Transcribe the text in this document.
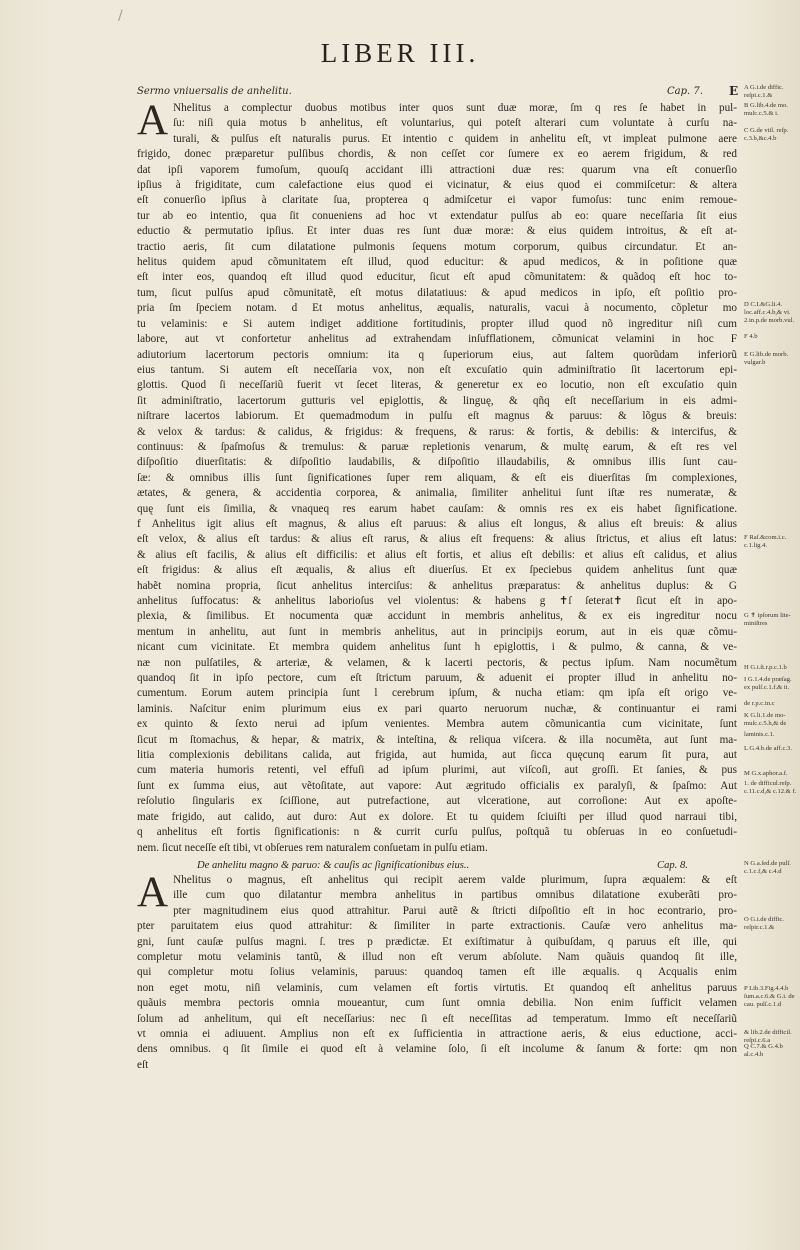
/
LIBER III.
Sermo vniuersalis de anhelitu.	Cap. 7. E
A Nhelitus a complectur duobus motibus inter quos sunt duæ moræ, ſm q res ſe habet in pul-
ſu: niſi quia motus b anhelitus, eſt voluntarius, qui poteſt alterari cum voluntate à curſu na-
turali, & pulſus eſt naturalis purus. Et intentio c quidem in anhelitu eſt, vt impleat pulmone aere
frigido, donec præparetur pulſibus chordis, & non ceſſet cor ſumere ex eo aerem frigidum, & red
dat ipſi vaporem fumoſum, quouſq accidant illi attractioni duæ res: quarum vna eſt conuerſio
ipſius à frigiditate, cum calefactione eius quod ei vicinatur, & eius quod ei commiſcetur: & altera
eſt conuerſio ipſius à claritate ſua, propterea q admiſcetur ei vapor fumoſus: tunc enim remoue-
tur ab eo intentio, qua ſit conueniens ad hoc vt extendatur pulſus ab eo: quare neceſſaria ſit eius
eductio & permutatio ipſius. Et inter duas res ſunt duæ moræ: & eius quidem introitus, & eſt at-
tractio aeris, ſit cum dilatatione pulmonis ſequens motum corporum, quibus circundatur. Et an-
helitus quidem apud cõmunitatem eſt illud, quod educitur: & apud medicos, & in poſitione quæ
eſt inter eos, quandoq eſt illud quod educitur, ſicut eſt apud cõmunitatem: & quãdoq eſt hoc to-
tum, ſicut pulſus apud cõmunitatẽ, eſt motus dilatatiuus: & apud medicos in ipſo, eſt poſitio pro-
pria ſm ſpeciem notam. d Et motus anhelitus, æqualis, naturalis, vacui à nocumento, cõpletur mo
tu velaminis: e Si autem indiget additione fortitudinis, propter illud quod nõ ingreditur niſi cum
labore, aut vt confortetur anhelitus ad extrahendam inſufflationem, cõmunicat velamini in hoc F
adiutorium lacertorum pectoris omnium: ita q ſuperiorum eius, aut ſaltem quorũdam inferiorũ
eius tantum. Si autem eſt neceſſaria vox, non eſt excuſatio quin adminiſtratio ſit lacertorum epi-
glottis. Quod ſi neceſſariũ fuerit vt ſecet literas, & generetur ex eo locutio, non eſt excuſatio quin
ſit adminiſtratio, lacertorum gutturis vel epiglottis, & linguę, & qñq eſt neceſſarium in eis admi-
niſtrare lacertos labiorum. Et quemadmodum in pulſu eſt magnus & paruus: & lõgus & breuis:
& velox & tardus: & calidus, & frigidus: & frequens, & rarus: & fortis, & debilis: & intercifus, &
continuus: & ſpaſmoſus & tremulus: & paruæ repletionis venarum, & multę earum, & eſt res vel
diſpoſitio diuerſitatis: & diſpoſitio laudabilis, & diſpoſitio illaudabilis, & omnibus illis ſunt cau-
ſæ: & omnibus illis ſunt ſignificationes ſuper rem aliquam, & eſt eis diuerſitas ſm complexiones,
ætates, & genera, & accidentia corporea, & animalia, ſimiliter anhelitui ſunt iſtæ res numeratæ, &
quę ſunt eis ſimilia, & vnaqueq res earum habet cauſam: & omnis res ex eis habet ſignificatione.
f Anhelitus igit alius eſt magnus, & alius eſt paruus: & alius eſt longus, & alius eſt breuis: & alius
eſt velox, & alius eſt tardus: & alius eſt rarus, & alius eſt frequens: & alius ſtrictus, et alius eſt latus:
& alius eſt facilis, & alius eſt difficilis: et alius eſt fortis, et alius eſt debilis: et alius eſt calidus, et alius
eſt frigidus: & alius eſt æqualis, & alius eſt diuerſus. Et ex ſpeciebus quidem anhelitus ſunt quæ
habẽt nomina propria, ſicut anhelitus interciſus: & anhelitus præparatus: & anhelitus duplus: & G
anhelitus ſuffocatus: & anhelitus laborioſus vel violentus: & habens g ✝ſ ſeterat✝ ſicut eſt in apo-
plexia, & ſimilibus. Et nocumenta quæ accidunt in membris anhelitus, & ex eis ingreditur nocu
mentum in anhelitu, aut ſunt in membris anhelitus, aut in principijs eorum, aut in eis quæ cõmu-
nicant cum vicinitate. Et membra quidem anhelitus ſunt h epiglottis, i & pulmo, & canna, & ve-
næ non pulſatiles, & arteriæ, & velamen, & k lacerti pectoris, & pectus ipſum. Nam nocumẽtum
quandoq ſit in ipſo pectore, cum eſt ſtrictum paruum, & aduenit ei propter illud in anhelitu no-
cumentum. Eorum autem principia ſunt l cerebrum ipſum, & nucha etiam: qm ipſa eſt origo ve-
laminis. Naſcitur enim plurimum eius ex pari quarto neruorum nuchæ, & continuantur ei rami
ex quinto & ſexto nerui ad ipſum venientes. Membra autem cõmunicantia cum vicinitate, ſunt
ſicut m ſtomachus, & hepar, & matrix, & inteſtina, & reliqua viſcera. & illa nocumẽta, aut ſunt ma-
litia complexionis debilitans calida, aut frigida, aut humida, aut ſicca quęcunq earum ſit pura, aut
cum materia humoris retenti, vel effuſi ad ipſum plurimi, aut viſcoſi, aut groſſi. Et ſanies, & pus
ſunt ex ſumma eius, aut vẽtoſitate, aut vapore: Aut ægritudo officialis ex paralyſi, & ſpaſmo: Aut
reſolutio ſingularis ex ſciſſione, aut putrefactione, aut vlceratione, aut corroſione: Aut ex apoſte-
mate frigido, aut calido, aut duro: Aut ex dolore. Et tu quidem ſciuiſti per illud quod narraui tibi,
q anhelitus eſt fortis ſignificationis: n & currit curſu pulſus, poſtquã tu obſeruas in eo conſuetudi-
nem. ſicut neceſſe eſt tibi, vt obſerues rem naturalem conſuetam in pulſu etiam.
De anhelitu magno & paruo: & cauſis ac ſignificationibus eius..	Cap. 8.
A Nhelitus o magnus, eſt anhelitus qui recipit aerem valde plurimum, ſupra æqualem: & eſt
ille cum quo dilatantur membra anhelitus in partibus omnibus dilatatione exuberãti pro-
pter magnitudinem eius quod attrahitur. Parui autẽ & ſtricti diſpoſitio eſt in hoc econtrario, pro-
pter paruitatem eius quod attrahitur: & ſimiliter in parte extractionis. Cauſæ vero anhelitus ma-
gni, ſunt cauſæ pulſus magni. ſ. tres p prædictæ. Et exiſtimatur à quibuſdam, q paruus eſt ille, qui
completur motu velaminis tantũ, & illud non eſt verum abſolute. Nam quãuis quandoq ſit ille,
qui completur motu ſolius velaminis, paruus: quandoq tamen eſt ille æqualis. q Acqualis enim
non eget motu, niſi velaminis, cum velamen eſt fortis virtutis. Et quandoq eſt anhelitus paruus
quãuis membra pectoris omnia moueantur, cum ſunt omnia debilia. Non enim ſufficit velamen
ſolum ad anhelitum, qui eſt neceſſarius: nec ſi eſt neceſſitas ad temperatum. Immo eſt neceſſariũ
vt omnia ei adiuuent. Amplius non eſt ex ſufficientia in attractione aeris, & eius eductione, acci-
dens omnibus. q ſit ſimile ei quod eſt à velamine ſolo, ſi eſt incolume & ſanum & forte: qm non
eſt
A G.i.de diffic. reſpi.c.1.&
B G.lib.4.de mo. muſc.c.5.& i.
C G.de vtil. reſp. c.3.b,&c.4.b
D C.I.&G.li.4. loc.aff.c.4.b,& vi. 2.in.p.de morb.vul.
F 4.b
E G.lib.de morb. vulgar.b
F Raſ.&com.i.c. c.1.lig.4.
G ✝ ipſorum lite- miniſtres
H G.i.ſt.r.p.c.1.b
I G.1.4.de præſag. ex pulſ.c.1.f.& ii.
de r.p.c.in.c
K G.li.1.de mo- muſc.c.5.h,& de
laminis.c.1.
L G.4.b.de aff.c.3.
M G.x.aphor.a.f.
1. de difficul.reſp. c.11.c.d,& c.12.& f.
N G.a.ſed.de pulſ. c.1.c.f,& c.4.d
O G.i.de diffic. reſpir.c.1.&
P Lib.3.Fig.4.4.b ſum.a.c.6.& G.i. de cau. pulſ.c.1.d
& lib.2.de difficil. reſpi.c.6.a
Q C.7.& G.4.b al.c.4.b
